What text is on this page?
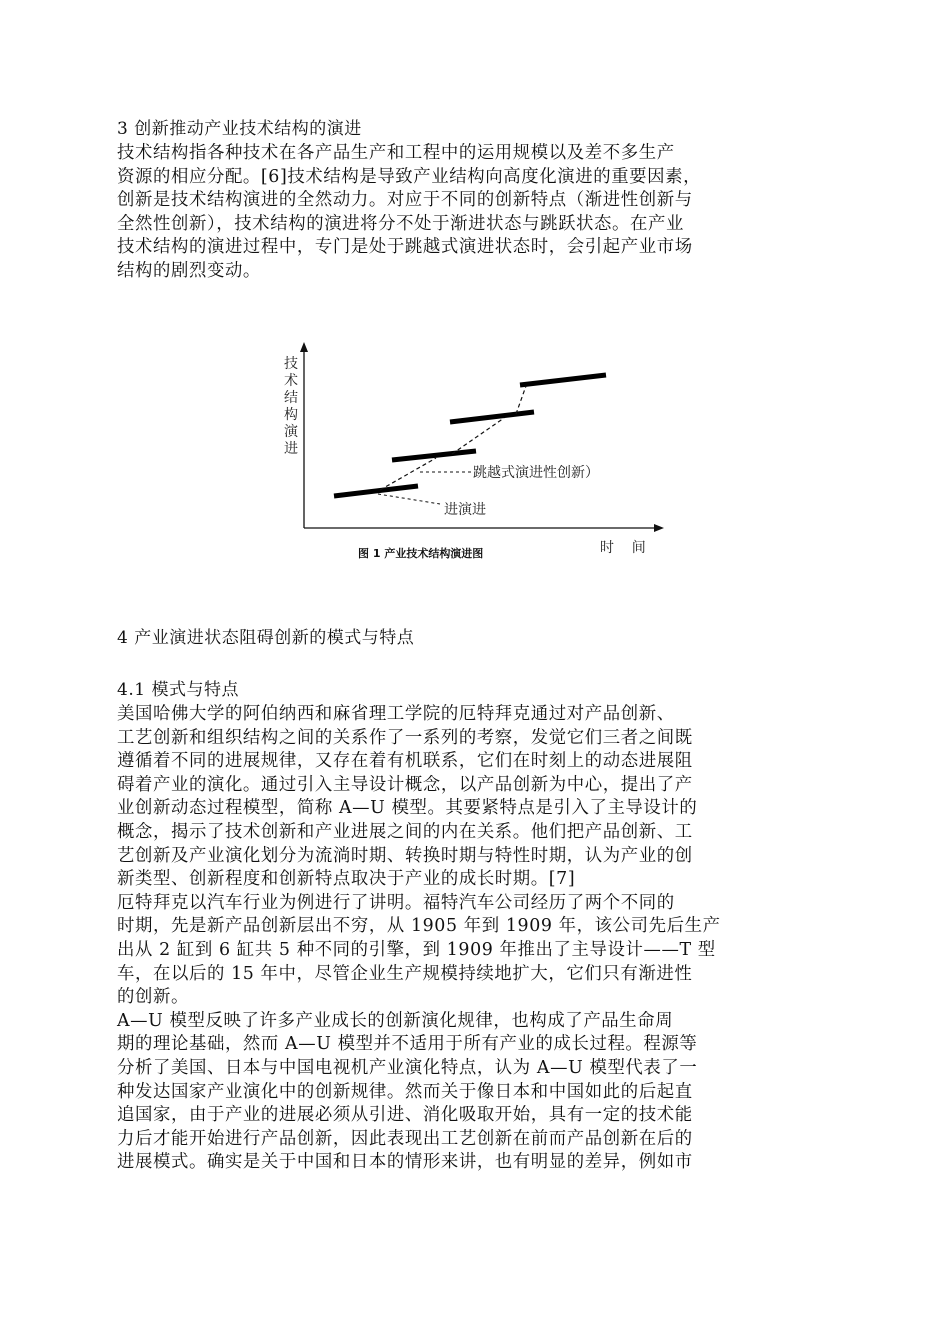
3 创新推动产业技术结构的演进
技术结构指各种技术在各产品生产和工程中的运用规模以及差不多生产
资源的相应分配。[6]技术结构是导致产业结构向高度化演进的重要因素，
创新是技术结构演进的全然动力。对应于不同的创新特点（渐进性创新与
全然性创新），技术结构的演进将分不处于渐进状态与跳跃状态。在产业
技术结构的演进过程中，专门是处于跳越式演进状态时，会引起产业市场
结构的剧烈变动。
技
术
结
构
演
进
跳越式演进性创新）
进演进
图 1 产业技术结构演进图	时    间
4 产业演进状态阻碍创新的模式与特点
4.1 模式与特点
美国哈佛大学的阿伯纳西和麻省理工学院的厄特拜克通过对产品创新、
工艺创新和组织结构之间的关系作了一系列的考察，发觉它们三者之间既
遵循着不同的进展规律，又存在着有机联系，它们在时刻上的动态进展阻
碍着产业的演化。通过引入主导设计概念，以产品创新为中心，提出了产
业创新动态过程模型，简称 A—U 模型。其要紧特点是引入了主导设计的
概念，揭示了技术创新和产业进展之间的内在关系。他们把产品创新、工
艺创新及产业演化划分为流淌时期、转换时期与特性时期，认为产业的创
新类型、创新程度和创新特点取决于产业的成长时期。[7]
厄特拜克以汽车行业为例进行了讲明。福特汽车公司经历了两个不同的
时期，先是新产品创新层出不穷，从 1905 年到 1909 年，该公司先后生产
出从 2 缸到 6 缸共 5 种不同的引擎，到 1909 年推出了主导设计——T 型
车，在以后的 15 年中，尽管企业生产规模持续地扩大，它们只有渐进性
的创新。
A—U 模型反映了许多产业成长的创新演化规律，也构成了产品生命周
期的理论基础，然而 A—U 模型并不适用于所有产业的成长过程。程源等
分析了美国、日本与中国电视机产业演化特点，认为 A—U 模型代表了一
种发达国家产业演化中的创新规律。然而关于像日本和中国如此的后起直
追国家，由于产业的进展必须从引进、消化吸取开始，具有一定的技术能
力后才能开始进行产品创新，因此表现出工艺创新在前而产品创新在后的
进展模式。确实是关于中国和日本的情形来讲，也有明显的差异，例如市
